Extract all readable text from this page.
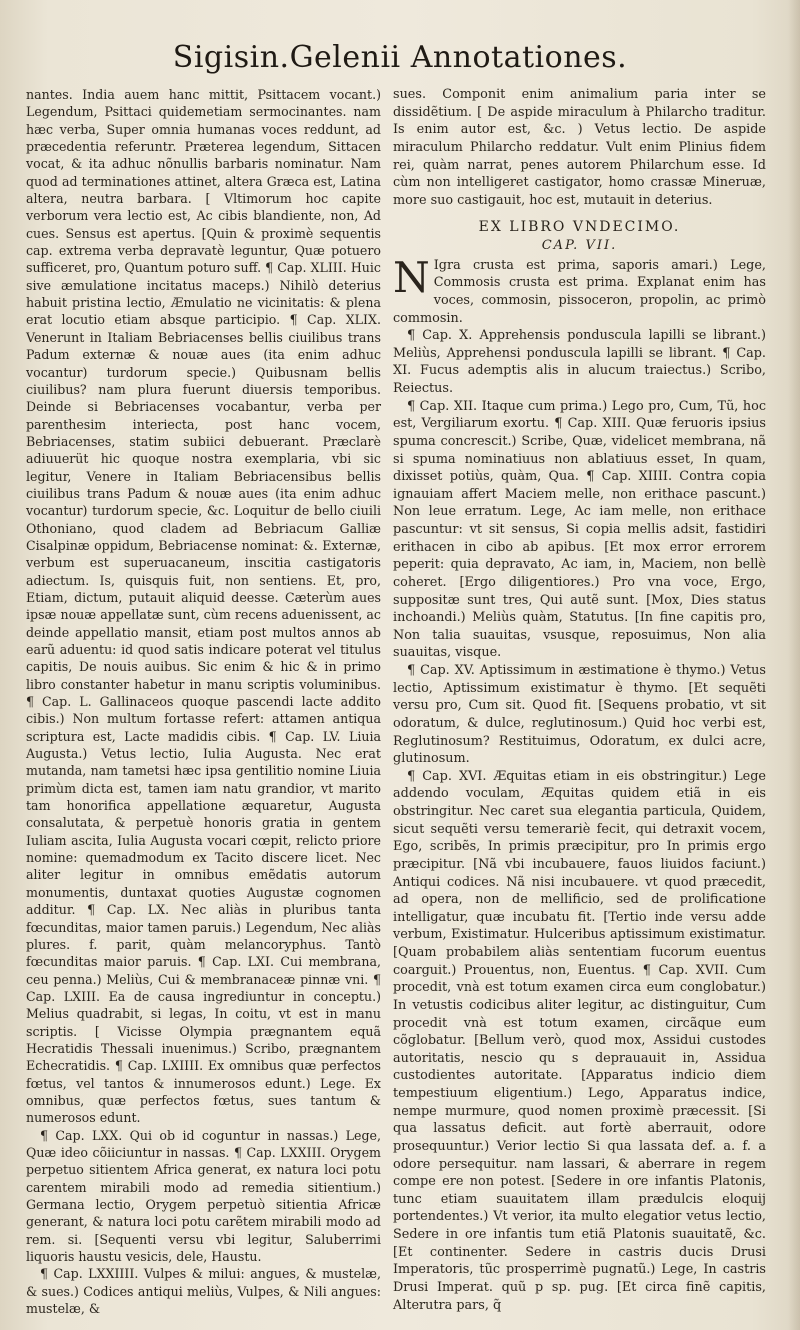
Sigisin.Gelenii Annotationes.

nantes. India auem hanc mittit, Psittacem vocant.) Legendum, Psittaci quidemetiam sermocinantes. nam hæc verba, Super omnia humanas voces reddunt, ad præcedentia referuntr. Præterea legendum, Sittacen vocat, & ita adhuc nõnullis barbaris nominatur. Nam quod ad terminationes attinet, altera Græca est, Latina altera, neutra barbara. [ Vltimorum hoc capite verborum vera lectio est, Ac cibis blandiente, non, Ad cues. Sensus est apertus. [Quin & proximè sequentis cap. extrema verba depravatè leguntur, Quæ potuero sufficeret, pro, Quantum poturo suff. ¶ Cap. XLIII. Huic sive æmulatione incitatus maceps.) Nihilò deterius habuit pristina lectio, Æmulatio ne vicinitatis: & plena erat locutio etiam absque participio. ¶ Cap. XLIX. Venerunt in Italiam Bebriacenses bellis ciuilibus trans Padum externæ & nouæ aues (ita enim adhuc vocantur) turdorum specie.) Quibusnam bellis ciuilibus? nam plura fuerunt diuersis temporibus. Deinde si Bebriacenses vocabantur, verba per parenthesim interiecta, post hanc vocem, Bebriacenses, statim subiici debuerant. Præclarè adiuuerüt hic quoque nostra exemplaria, vbi sic legitur, Venere in Italiam Bebriacensibus bellis ciuilibus trans Padum & nouæ aues (ita enim adhuc vocantur) turdorum specie, &c. Loquitur de bello ciuili Othoniano, quod cladem ad Bebriacum Galliæ Cisalpinæ oppidum, Bebriacense nominat: &. Externæ, verbum est superuacaneum, inscitia castigatoris adiectum. Is, quisquis fuit, non sentiens. Et, pro, Etiam, dictum, putauit aliquid deesse. Cæterùm aues ipsæ nouæ appellatæ sunt, cùm recens aduenissent, ac deinde appellatio mansit, etiam post multos annos ab earũ aduentu: id quod satis indicare poterat vel titulus capitis, De nouis auibus. Sic enim & hic & in primo libro constanter habetur in manu scriptis voluminibus. ¶ Cap. L. Gallinaceos quoque pascendi lacte addito cibis.) Non multum fortasse refert: attamen antiqua scriptura est, Lacte madidis cibis. ¶ Cap. LV. Liuia Augusta.) Vetus lectio, Iulia Augusta. Nec erat mutanda, nam tametsi hæc ipsa gentilitio nomine Liuia primùm dicta est, tamen iam natu grandior, vt marito tam honorifica appellatione æquaretur, Augusta consalutata, & perpetuè honoris gratia in gentem Iuliam ascita, Iulia Augusta vocari cœpit, relicto priore nomine: quemadmodum ex Tacito discere licet. Nec aliter legitur in omnibus emẽdatis autorum monumentis, duntaxat quoties Augustæ cognomen additur. ¶ Cap. LX. Nec aliàs in pluribus tanta fœcunditas, maior tamen paruis.) Legendum, Nec aliàs plures. f. parit, quàm melancoryphus. Tantò fœcunditas maior paruis. ¶ Cap. LXI. Cui membrana, ceu penna.) Meliùs, Cui & membranaceæ pinnæ vni. ¶ Cap. LXIII. Ea de causa ingrediuntur in conceptu.) Melius quadrabit, si legas, In coitu, vt est in manu scriptis. [ Vicisse Olympia prægnantem equã Hecratidis Thessali inuenimus.) Scribo, prægnantem Echecratidis. ¶ Cap. LXIIII. Ex omnibus quæ perfectos fœtus, vel tantos & innumerosos edunt.) Lege. Ex omnibus, quæ perfectos fœtus, sues tantum & numerosos edunt.

¶ Cap. LXX. Qui ob id coguntur in nassas.) Lege, Quæ ideo cõiiciuntur in nassas. ¶ Cap. LXXIII. Orygem perpetuo sitientem Africa generat, ex natura loci potu carentem mirabili modo ad remedia sitientium.) Germana lectio, Orygem perpetuò sitientia Africæ generant, & natura loci potu carẽtem mirabili modo ad rem. si. [Sequenti versu vbi legitur, Saluberrimi liquoris haustu vesicis, dele, Haustu.

¶ Cap. LXXIIII. Vulpes & milui: angues, & mustelæ, & sues.) Codices antiqui meliùs, Vulpes, & Nili angues: mustelæ, &

sues. Componit enim animalium paria inter se dissidẽtium. [ De aspide miraculum à Philarcho traditur. Is enim autor est, &c. ) Vetus lectio. De aspide miraculum Philarcho reddatur. Vult enim Plinius fidem rei, quàm narrat, penes autorem Philarchum esse. Id cùm non intelligeret castigator, homo crassæ Mineruæ, more suo castigauit, hoc est, mutauit in deterius.

EX LIBRO VNDECIMO.
CAP. VII.

N Igra crusta est prima, saporis amari.) Lege, Commosis crusta est prima. Explanat enim has voces, commosin, pissoceron, propolin, ac primò commosin.

¶ Cap. X. Apprehensis ponduscula lapilli se librant.) Meliùs, Apprehensi ponduscula lapilli se librant. ¶ Cap. XI. Fucus ademptis alis in alucum traiectus.) Scribo, Reiectus.

¶ Cap. XII. Itaque cum prima.) Lego pro, Cum, Tũ, hoc est, Vergiliarum exortu. ¶ Cap. XIII. Quæ feruoris ipsius spuma concrescit.) Scribe, Quæ, videlicet membrana, nã si spuma nominatiuus non ablatiuus esset, In quam, dixisset potiùs, quàm, Qua. ¶ Cap. XIIII. Contra copia ignauiam affert Maciem melle, non erithace pascunt.) Non leue erratum. Lege, Ac iam melle, non erithace pascuntur: vt sit sensus, Si copia mellis adsit, fastidiri erithacen in cibo ab apibus. [Et mox error errorem peperit: quia depravato, Ac iam, in, Maciem, non bellè coheret. [Ergo diligentiores.) Pro vna voce, Ergo, suppositæ sunt tres, Qui autẽ sunt. [Mox, Dies status inchoandi.) Meliùs quàm, Statutus. [In fine capitis pro, Non talia suauitas, vsusque, reposuimus, Non alia suauitas, visque.

¶ Cap. XV. Aptissimum in æstimatione è thymo.) Vetus lectio, Aptissimum existimatur è thymo. [Et sequẽti versu pro, Cum sit. Quod fit. [Sequens probatio, vt sit odoratum, & dulce, reglutinosum.) Quid hoc verbi est, Reglutinosum? Restituimus, Odoratum, ex dulci acre, glutinosum.

¶ Cap. XVI. Æquitas etiam in eis obstringitur.) Lege addendo voculam, Æquitas quidem etiã in eis obstringitur. Nec caret sua elegantia particula, Quidem, sicut sequẽti versu temerariè fecit, qui detraxit vocem, Ego, scribẽs, In primis præcipitur, pro In primis ergo præcipitur. [Nã vbi incubauere, fauos liuidos faciunt.) Antiqui codices. Nã nisi incubauere. vt quod præcedit, ad opera, non de mellificio, sed de prolificatione intelligatur, quæ incubatu fit. [Tertio inde versu adde verbum, Existimatur. Hulceribus aptissimum existimatur. [Quam probabilem aliàs sententiam fucorum euentus coarguit.) Prouentus, non, Euentus. ¶ Cap. XVII. Cum procedit, vnà est totum examen circa eum conglobatur.) In vetustis codicibus aliter legitur, ac distinguitur, Cum procedit vnà est totum examen, circãque eum cõglobatur. [Bellum verò, quod mox, Assidui custodes autoritatis, nescio qu s deprauauit in, Assidua custodientes autoritate. [Apparatus indicio diem tempestiuum eligentium.) Lego, Apparatus indice, nempe murmure, quod nomen proximè præcessit. [Si qua lassatus deficit. aut fortè aberrauit, odore prosequuntur.) Verior lectio Si qua lassata def. a. f. a odore persequitur. nam lassari, & aberrare in regem compe ere non potest. [Sedere in ore infantis Platonis, tunc etiam suauitatem illam prædulcis eloquij portendentes.) Vt verior, ita multo elegatior vetus lectio, Sedere in ore infantis tum etiã Platonis suauitatẽ, &c. [Et continenter. Sedere in castris ducis Drusi Imperatoris, tũc prosperrimè pugnatũ.) Lege, In castris Drusi Imperat. quũ p sp. pug. [Et circa finẽ capitis, Alterutra pars, q̃
